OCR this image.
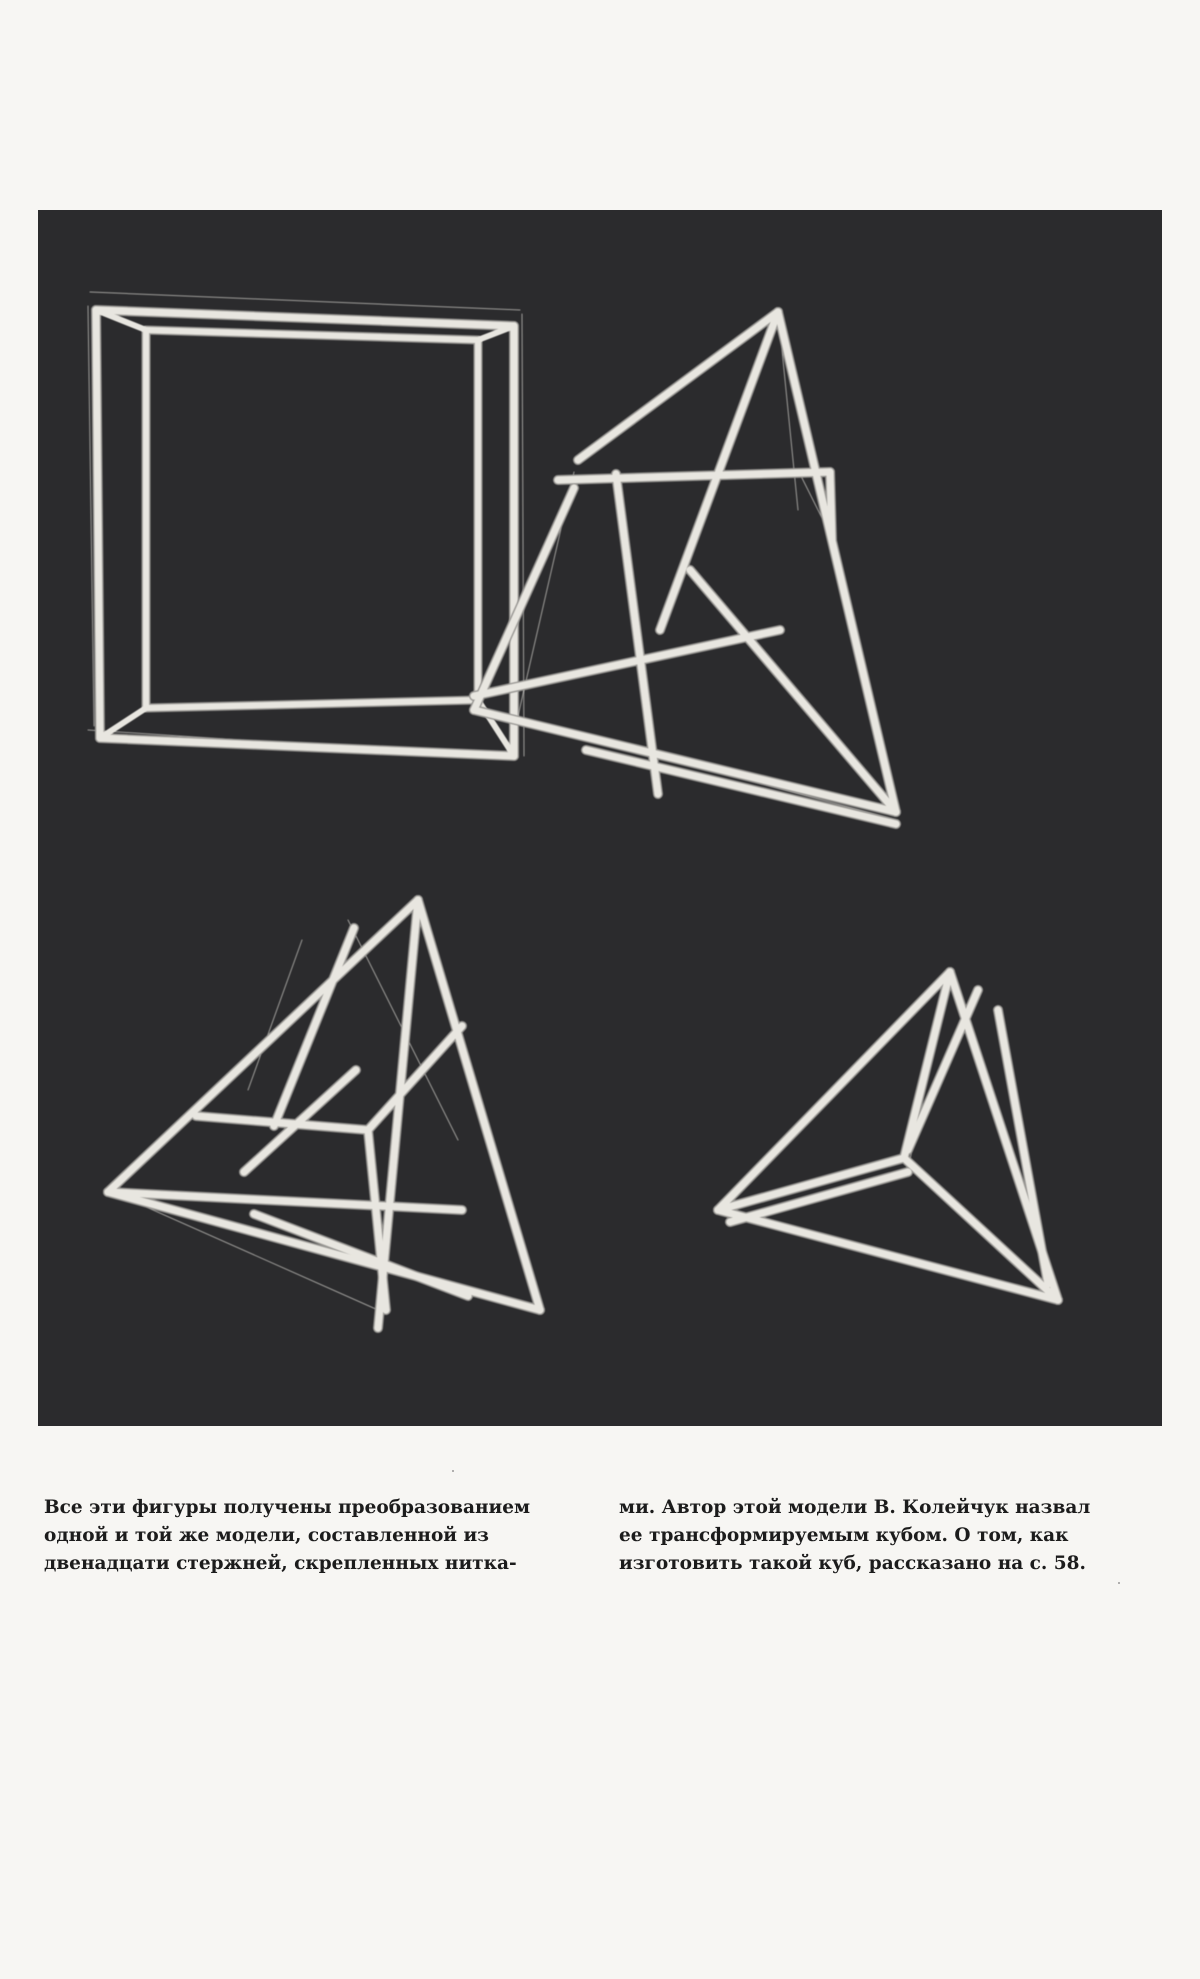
Все эти фигуры получены преобразованием
одной и той же модели, составленной из
двенадцати стержней, скрепленных нитка-
ми. Автор этой модели В. Колейчук назвал
ее трансформируемым кубом. О том, как
изготовить такой куб, рассказано на с. 58.
